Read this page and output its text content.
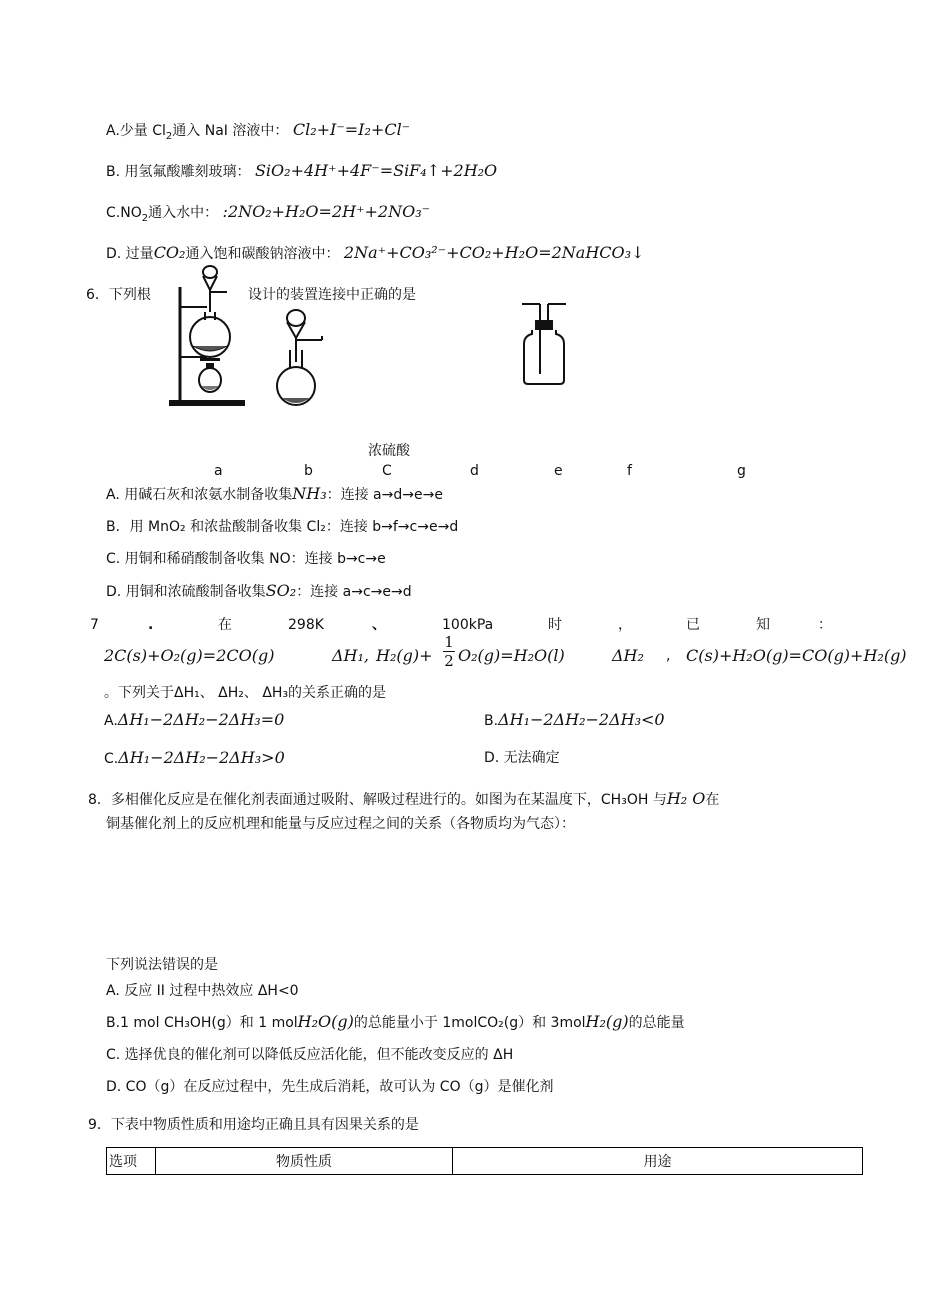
A.少量 $Cl_2$通入 NaI 溶液中： Cl₂+I⁻=I₂+Cl⁻
B. 用氢氟酸雕刻玻璃： SiO₂+4H⁺+4F⁻=SiF₄↑+2H₂O
$C.NO_2$通入水中： :2NO₂+H₂O=2H⁺+2NO₃⁻
D. 过量CO₂通入饱和碳酸钠溶液中： 2Na⁺+CO₃²⁻+CO₂+H₂O=2NaHCO₃↓
6．下列根	设计的装置连接中正确的是
浓硫酸
a	b	C	d	e	f	g
A. 用碱石灰和浓氨水制备收集NH₃：连接 a→d→e→e
B．用 MnO₂ 和浓盐酸制备收集 Cl₂：连接 b→f→c→e→d
C. 用铜和稀硝酸制备收集 NO：连接 b→c→e
D. 用铜和浓硫酸制备收集SO₂：连接 a→c→e→d
7	.	在	298K	、	100kPa	时	，	已	知	：
2C(s)+O₂(g)=2CO(g)	ΔH₁, $H_2(g)+ \frac{1}{2} O_2(g)=H_2O(l)$	ΔH₂ , C(s)+H₂O(g)=CO(g)+H₂(g)
。下列关于ΔH₁、 ΔH₂、 ΔH₃的关系正确的是
A.ΔH₁−2ΔH₂−2ΔH₃=0	B.ΔH₁−2ΔH₂−2ΔH₃<0
C.ΔH₁−2ΔH₂−2ΔH₃>0	D. 无法确定
8．多相催化反应是在催化剂表面通过吸附、解吸过程进行的。如图为在某温度下，CH₃OH 与H₂ O在
铜基催化剂上的反应机理和能量与反应过程之间的关系（各物质均为气态）：
下列说法错误的是
A. 反应 II 过程中热效应 ΔH<0
B.1 mol CH₃OH(g）和 1 molH₂O(g)的总能量小于 1molCO₂(g）和 3molH₂(g)的总能量
C. 选择优良的催化剂可以降低反应活化能，但不能改变反应的 ΔH
D. CO（g）在反应过程中，先生成后消耗，故可认为 CO（g）是催化剂
9．下表中物质性质和用途均正确且具有因果关系的是
选项	物质性质	用途
